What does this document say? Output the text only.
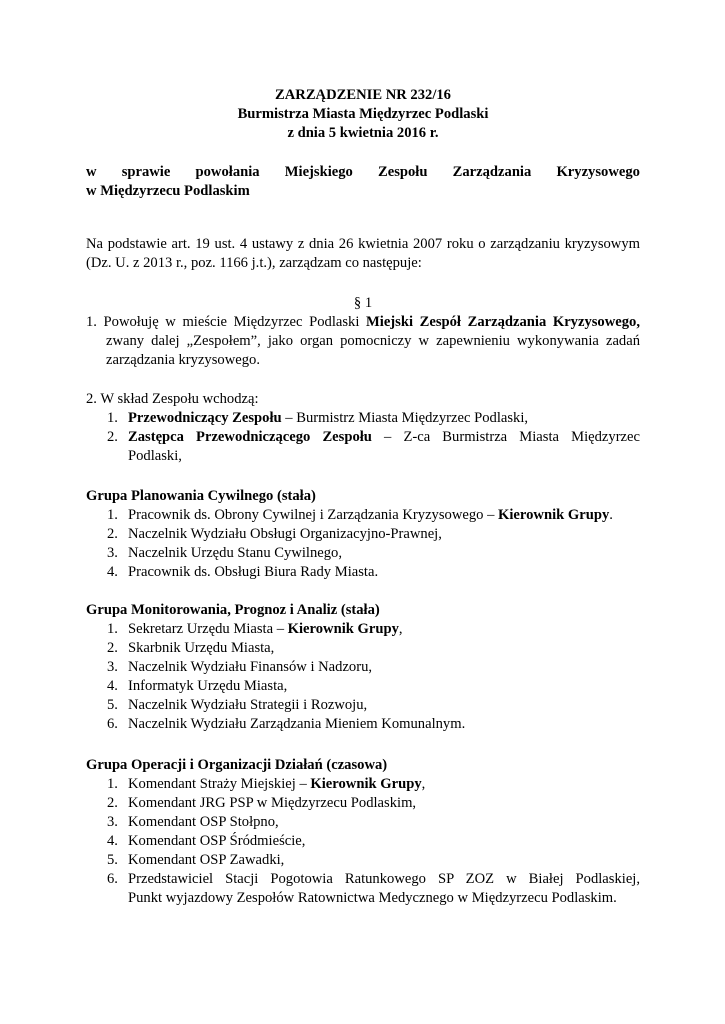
ZARZĄDZENIE NR 232/16
Burmistrza Miasta Międzyrzec Podlaski
z dnia 5 kwietnia 2016 r.
w sprawie powołania Miejskiego Zespołu Zarządzania Kryzysowego
w Międzyrzecu Podlaskim
Na podstawie art. 19 ust. 4 ustawy z dnia 26 kwietnia 2007 roku o zarządzaniu kryzysowym
(Dz. U. z 2013 r., poz. 1166 j.t.), zarządzam co następuje:
§ 1
1. Powołuję w mieście Międzyrzec Podlaski Miejski Zespół Zarządzania Kryzysowego,
zwany dalej „Zespołem”, jako organ pomocniczy w zapewnieniu wykonywania zadań
zarządzania kryzysowego.
2. W skład Zespołu wchodzą:
1. Przewodniczący Zespołu – Burmistrz Miasta Międzyrzec Podlaski,
2. Zastępca Przewodniczącego Zespołu – Z-ca Burmistrza Miasta Międzyrzec
Podlaski,
Grupa Planowania Cywilnego (stała)
1. Pracownik ds. Obrony Cywilnej i Zarządzania Kryzysowego – Kierownik Grupy.
2. Naczelnik Wydziału Obsługi Organizacyjno-Prawnej,
3. Naczelnik Urzędu Stanu Cywilnego,
4. Pracownik ds. Obsługi Biura Rady Miasta.
Grupa Monitorowania, Prognoz i Analiz (stała)
1. Sekretarz Urzędu Miasta – Kierownik Grupy,
2. Skarbnik Urzędu Miasta,
3. Naczelnik Wydziału Finansów i Nadzoru,
4. Informatyk Urzędu Miasta,
5. Naczelnik Wydziału Strategii i Rozwoju,
6. Naczelnik Wydziału Zarządzania Mieniem Komunalnym.
Grupa Operacji i Organizacji Działań (czasowa)
1. Komendant Straży Miejskiej – Kierownik Grupy,
2. Komendant JRG PSP w Międzyrzecu Podlaskim,
3. Komendant OSP Stołpno,
4. Komendant OSP Śródmieście,
5. Komendant OSP Zawadki,
6. Przedstawiciel Stacji Pogotowia Ratunkowego SP ZOZ w Białej Podlaskiej,
Punkt wyjazdowy Zespołów Ratownictwa Medycznego w Międzyrzecu Podlaskim.
